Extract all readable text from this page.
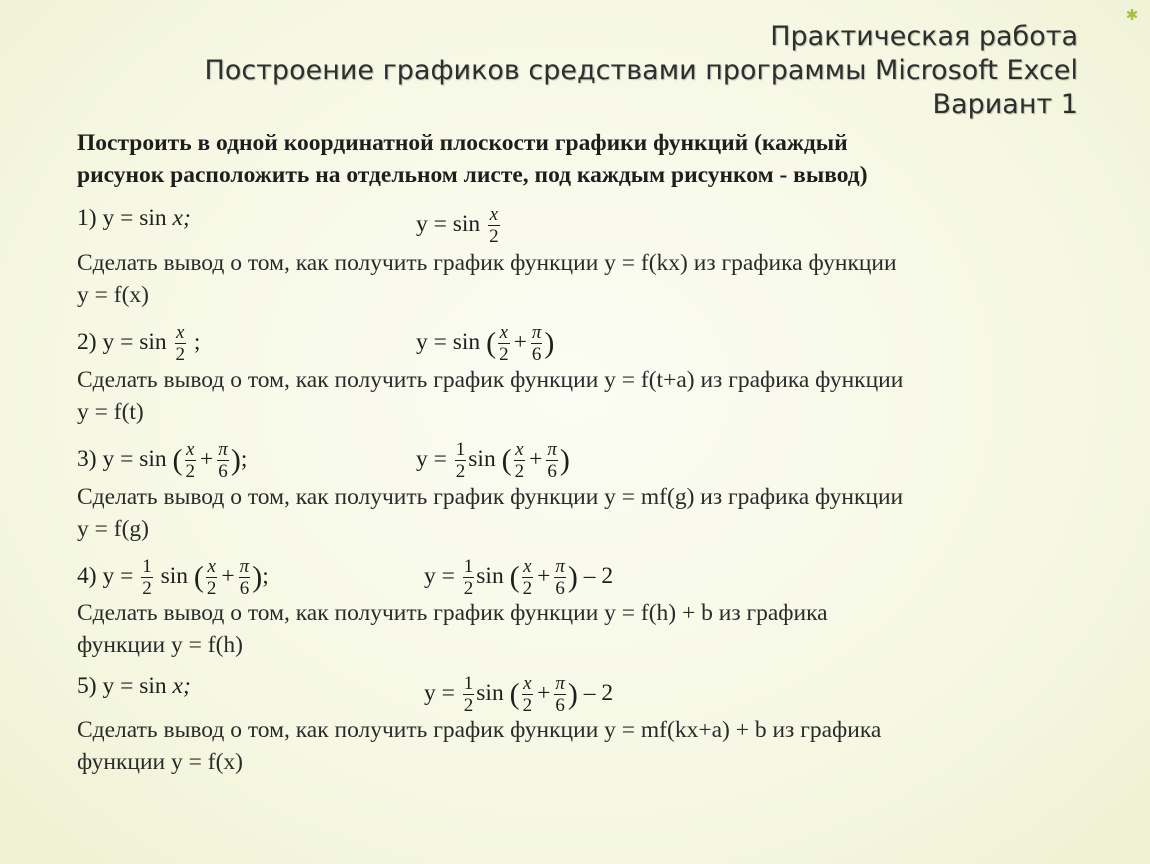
✱
Практическая работа
Построение графиков средствами программы Microsoft Excel
Вариант 1
Построить в одной координатной плоскости графики функций (каждый
рисунок расположить на отдельном листе, под каждым рисунком - вывод)
1) y = sin x;	$y = \sin \frac{x}{2}$
Сделать вывод о том, как получить график функции y = f(kx) из графика функции
y = f(x)
2) $y = \sin \frac{x}{2}$ ;	y = sin ( $\frac{x}{2} + \frac{\pi}{6}$ )
Сделать вывод о том, как получить график функции y = f(t+a) из графика функции
y = f(t)
3) y = sin ( $\frac{x}{2} + \frac{\pi}{6}$ );	$y = \frac{1}{2}$ sin ( $\frac{x}{2} + \frac{\pi}{6}$ )
Сделать вывод о том, как получить график функции y = mf(g) из графика функции
y = f(g)
4) $y = \frac{1}{2}$ sin ( $\frac{x}{2} + \frac{\pi}{6}$ );	$y = \frac{1}{2}$ sin ( $\frac{x}{2} + \frac{\pi}{6}$ ) – 2
Сделать вывод о том, как получить график функции y = f(h) + b из графика
функции y = f(h)
5) y = sin x;	$y = \frac{1}{2}$ sin ( $\frac{x}{2} + \frac{\pi}{6}$ ) – 2
Сделать вывод о том, как получить график функции y = mf(kx+a) + b из графика
функции y = f(x)
